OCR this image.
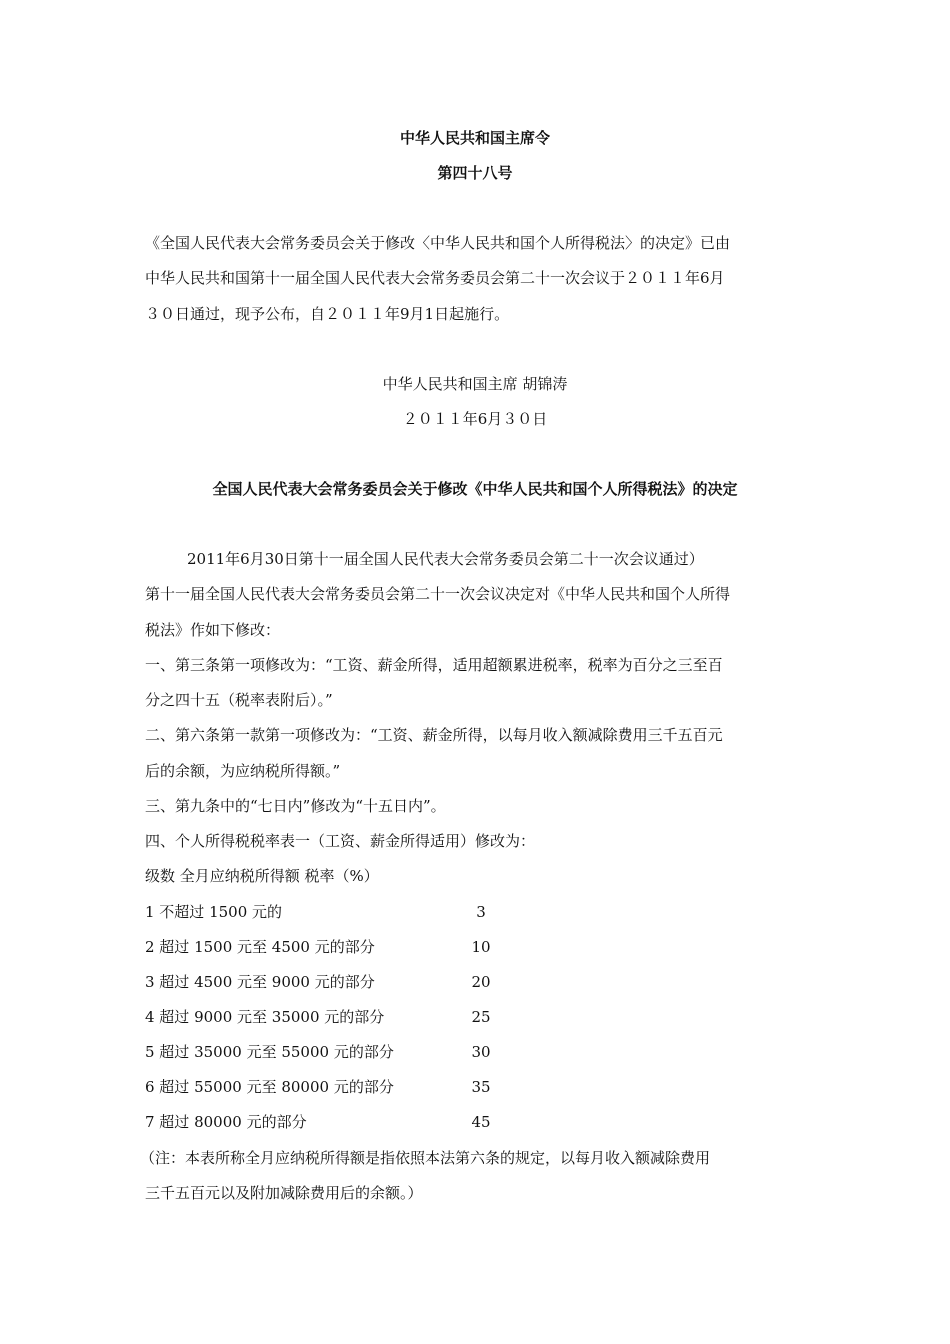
中华人民共和国主席令

第四十八号

《全国人民代表大会常务委员会关于修改〈中华人民共和国个人所得税法〉的决定》已由

中华人民共和国第十一届全国人民代表大会常务委员会第二十一次会议于２０１１年6月

３０日通过，现予公布，自２０１１年9月1日起施行。

中华人民共和国主席 胡锦涛

２０１１年6月３０日

全国人民代表大会常务委员会关于修改《中华人民共和国个人所得税法》的决定

2011年6月30日第十一届全国人民代表大会常务委员会第二十一次会议通过）

第十一届全国人民代表大会常务委员会第二十一次会议决定对《中华人民共和国个人所得

税法》作如下修改：

一、第三条第一项修改为：“工资、薪金所得，适用超额累进税率，税率为百分之三至百

分之四十五（税率表附后）。”

二、第六条第一款第一项修改为：“工资、薪金所得，以每月收入额减除费用三千五百元

后的余额，为应纳税所得额。”

三、第九条中的“七日内”修改为“十五日内”。

四、个人所得税税率表一（工资、薪金所得适用）修改为：

级数 全月应纳税所得额 税率（%）

1 不超过 1500 元的	3

2 超过 1500 元至 4500 元的部分	10

3 超过 4500 元至 9000 元的部分	20

4 超过 9000 元至 35000 元的部分	25

5 超过 35000 元至 55000 元的部分	30

6 超过 55000 元至 80000 元的部分	35

7 超过 80000 元的部分	45

（注：本表所称全月应纳税所得额是指依照本法第六条的规定，以每月收入额减除费用

三千五百元以及附加减除费用后的余额。）
